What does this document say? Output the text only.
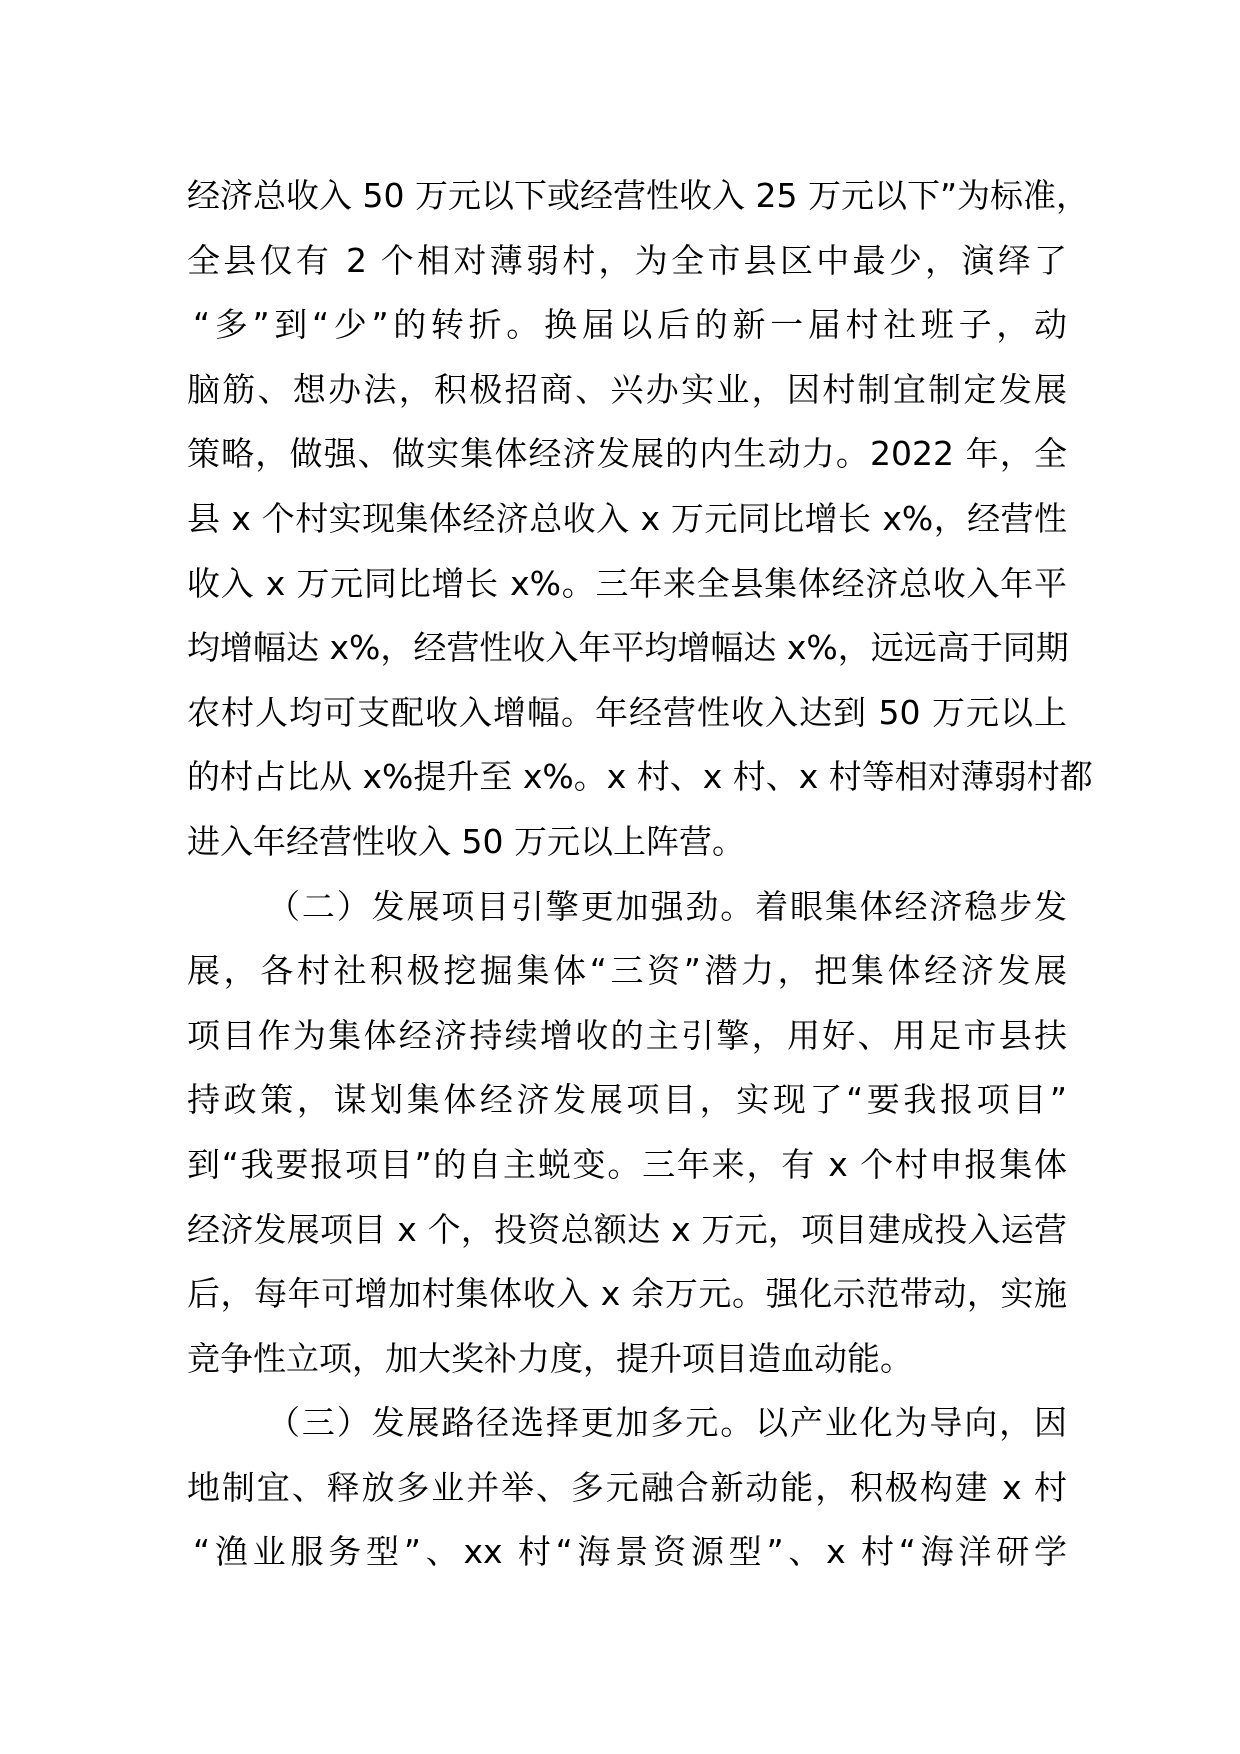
经济总收入 50 万元以下或经营性收入 25 万元以下”为标准，
全县仅有 2 个相对薄弱村，为全市县区中最少，演绎了
“多”到“少”的转折。换届以后的新一届村社班子，动
脑筋、想办法，积极招商、兴办实业，因村制宜制定发展
策略，做强、做实集体经济发展的内生动力。2022 年，全
县 x 个村实现集体经济总收入 x 万元同比增长 x%，经营性
收入 x 万元同比增长 x%。三年来全县集体经济总收入年平
均增幅达 x%，经营性收入年平均增幅达 x%，远远高于同期
农村人均可支配收入增幅。年经营性收入达到 50 万元以上
的村占比从 x%提升至 x%。x 村、x 村、x 村等相对薄弱村都
进入年经营性收入 50 万元以上阵营。
（二）发展项目引擎更加强劲。着眼集体经济稳步发
展，各村社积极挖掘集体“三资”潜力，把集体经济发展
项目作为集体经济持续增收的主引擎，用好、用足市县扶
持政策，谋划集体经济发展项目，实现了“要我报项目”
到“我要报项目”的自主蜕变。三年来，有 x 个村申报集体
经济发展项目 x 个，投资总额达 x 万元，项目建成投入运营
后，每年可增加村集体收入 x 余万元。强化示范带动，实施
竞争性立项，加大奖补力度，提升项目造血动能。
（三）发展路径选择更加多元。以产业化为导向，因
地制宜、释放多业并举、多元融合新动能，积极构建 x 村
“渔业服务型”、xx 村“海景资源型”、x 村“海洋研学
